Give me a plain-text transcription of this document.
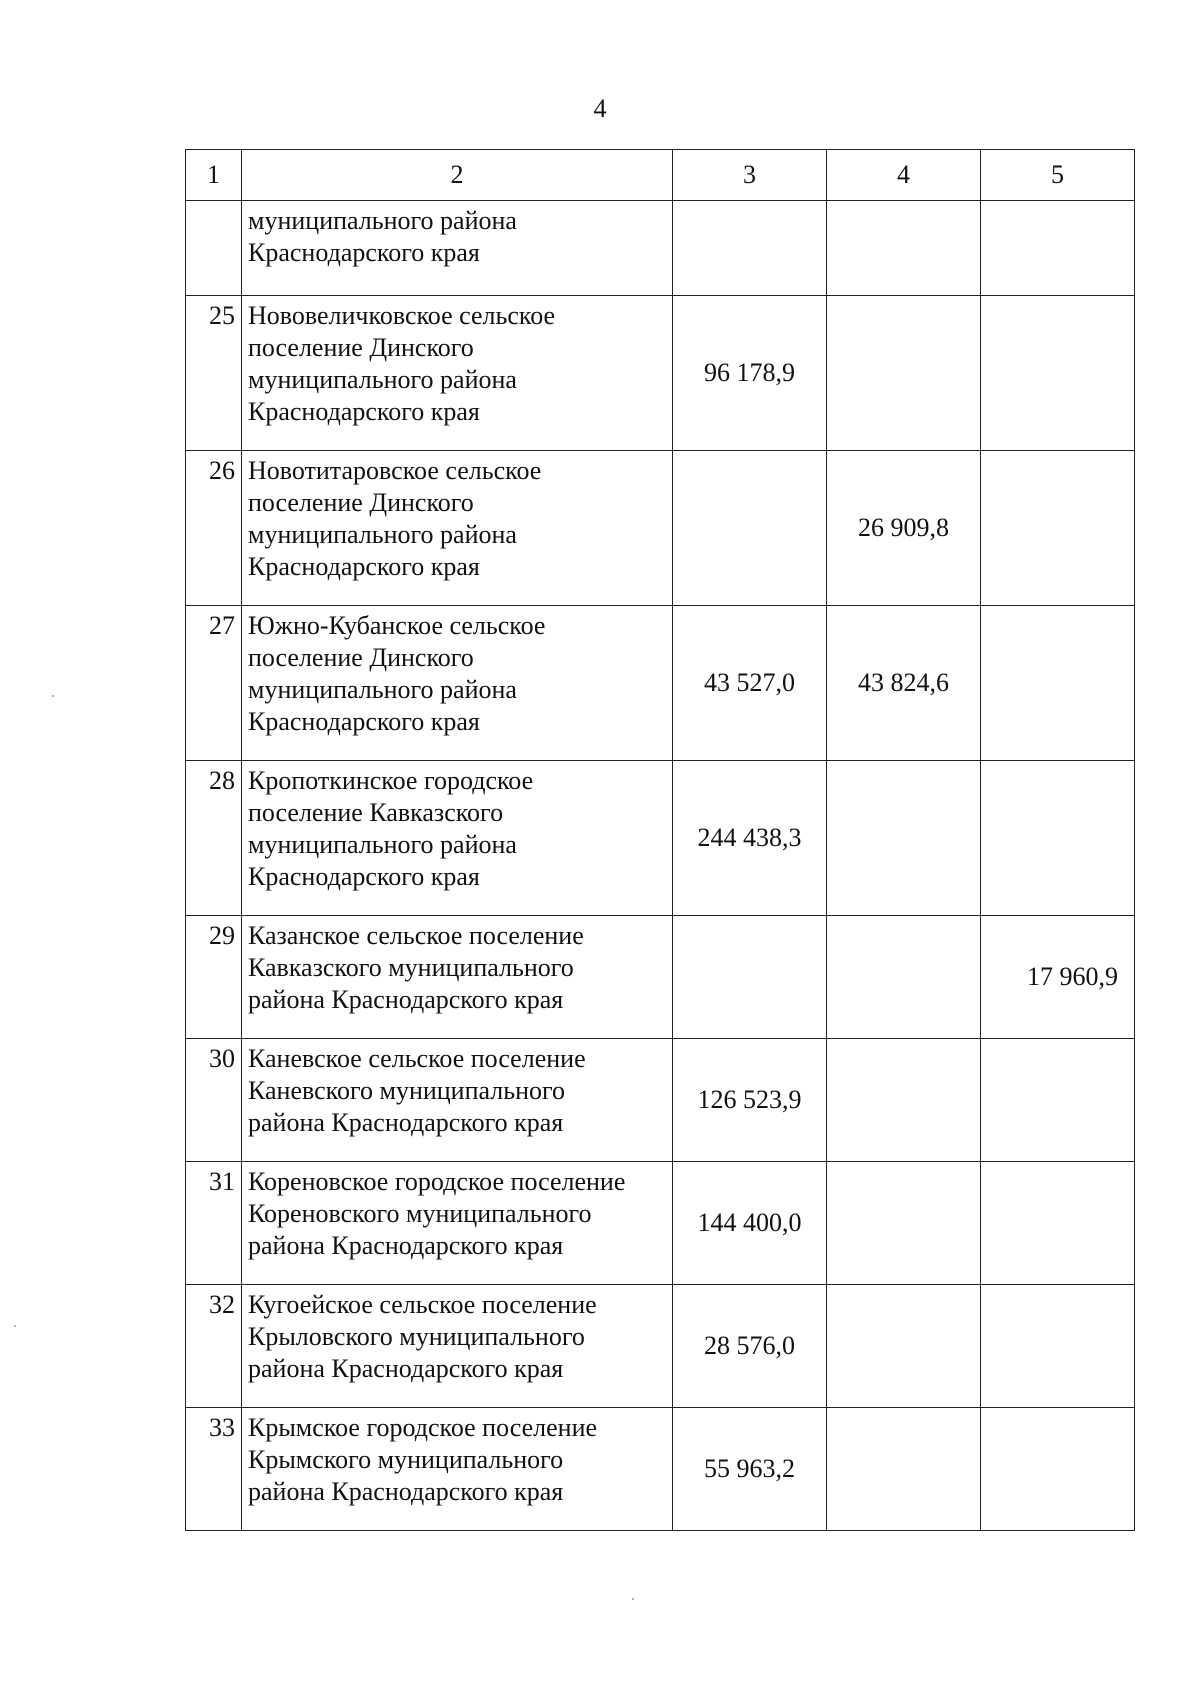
4
1	2	3	4	5

	муниципального района
Краснодарского края			

25	Нововеличковское сельское
поселение Динского
муниципального района
Краснодарского края	96 178,9		
26	Новотитаровское сельское
поселение Динского
муниципального района
Краснодарского края		26 909,8	
27	Южно-Кубанское сельское
поселение Динского
муниципального района
Краснодарского края	43 527,0	43 824,6	
28	Кропоткинское городское
поселение Кавказского
муниципального района
Краснодарского края	244 438,3		
29	Казанское сельское поселение
Кавказского муниципального
района Краснодарского края			17 960,9
30	Каневское сельское поселение
Каневского муниципального
района Краснодарского края	126 523,9		
31	Кореновское городское поселение
Кореновского муниципального
района Краснодарского края	144 400,0		
32	Кугоейское сельское поселение
Крыловского муниципального
района Краснодарского края	28 576,0		
33	Крымское городское поселение
Крымского муниципального
района Краснодарского края	55 963,2		
